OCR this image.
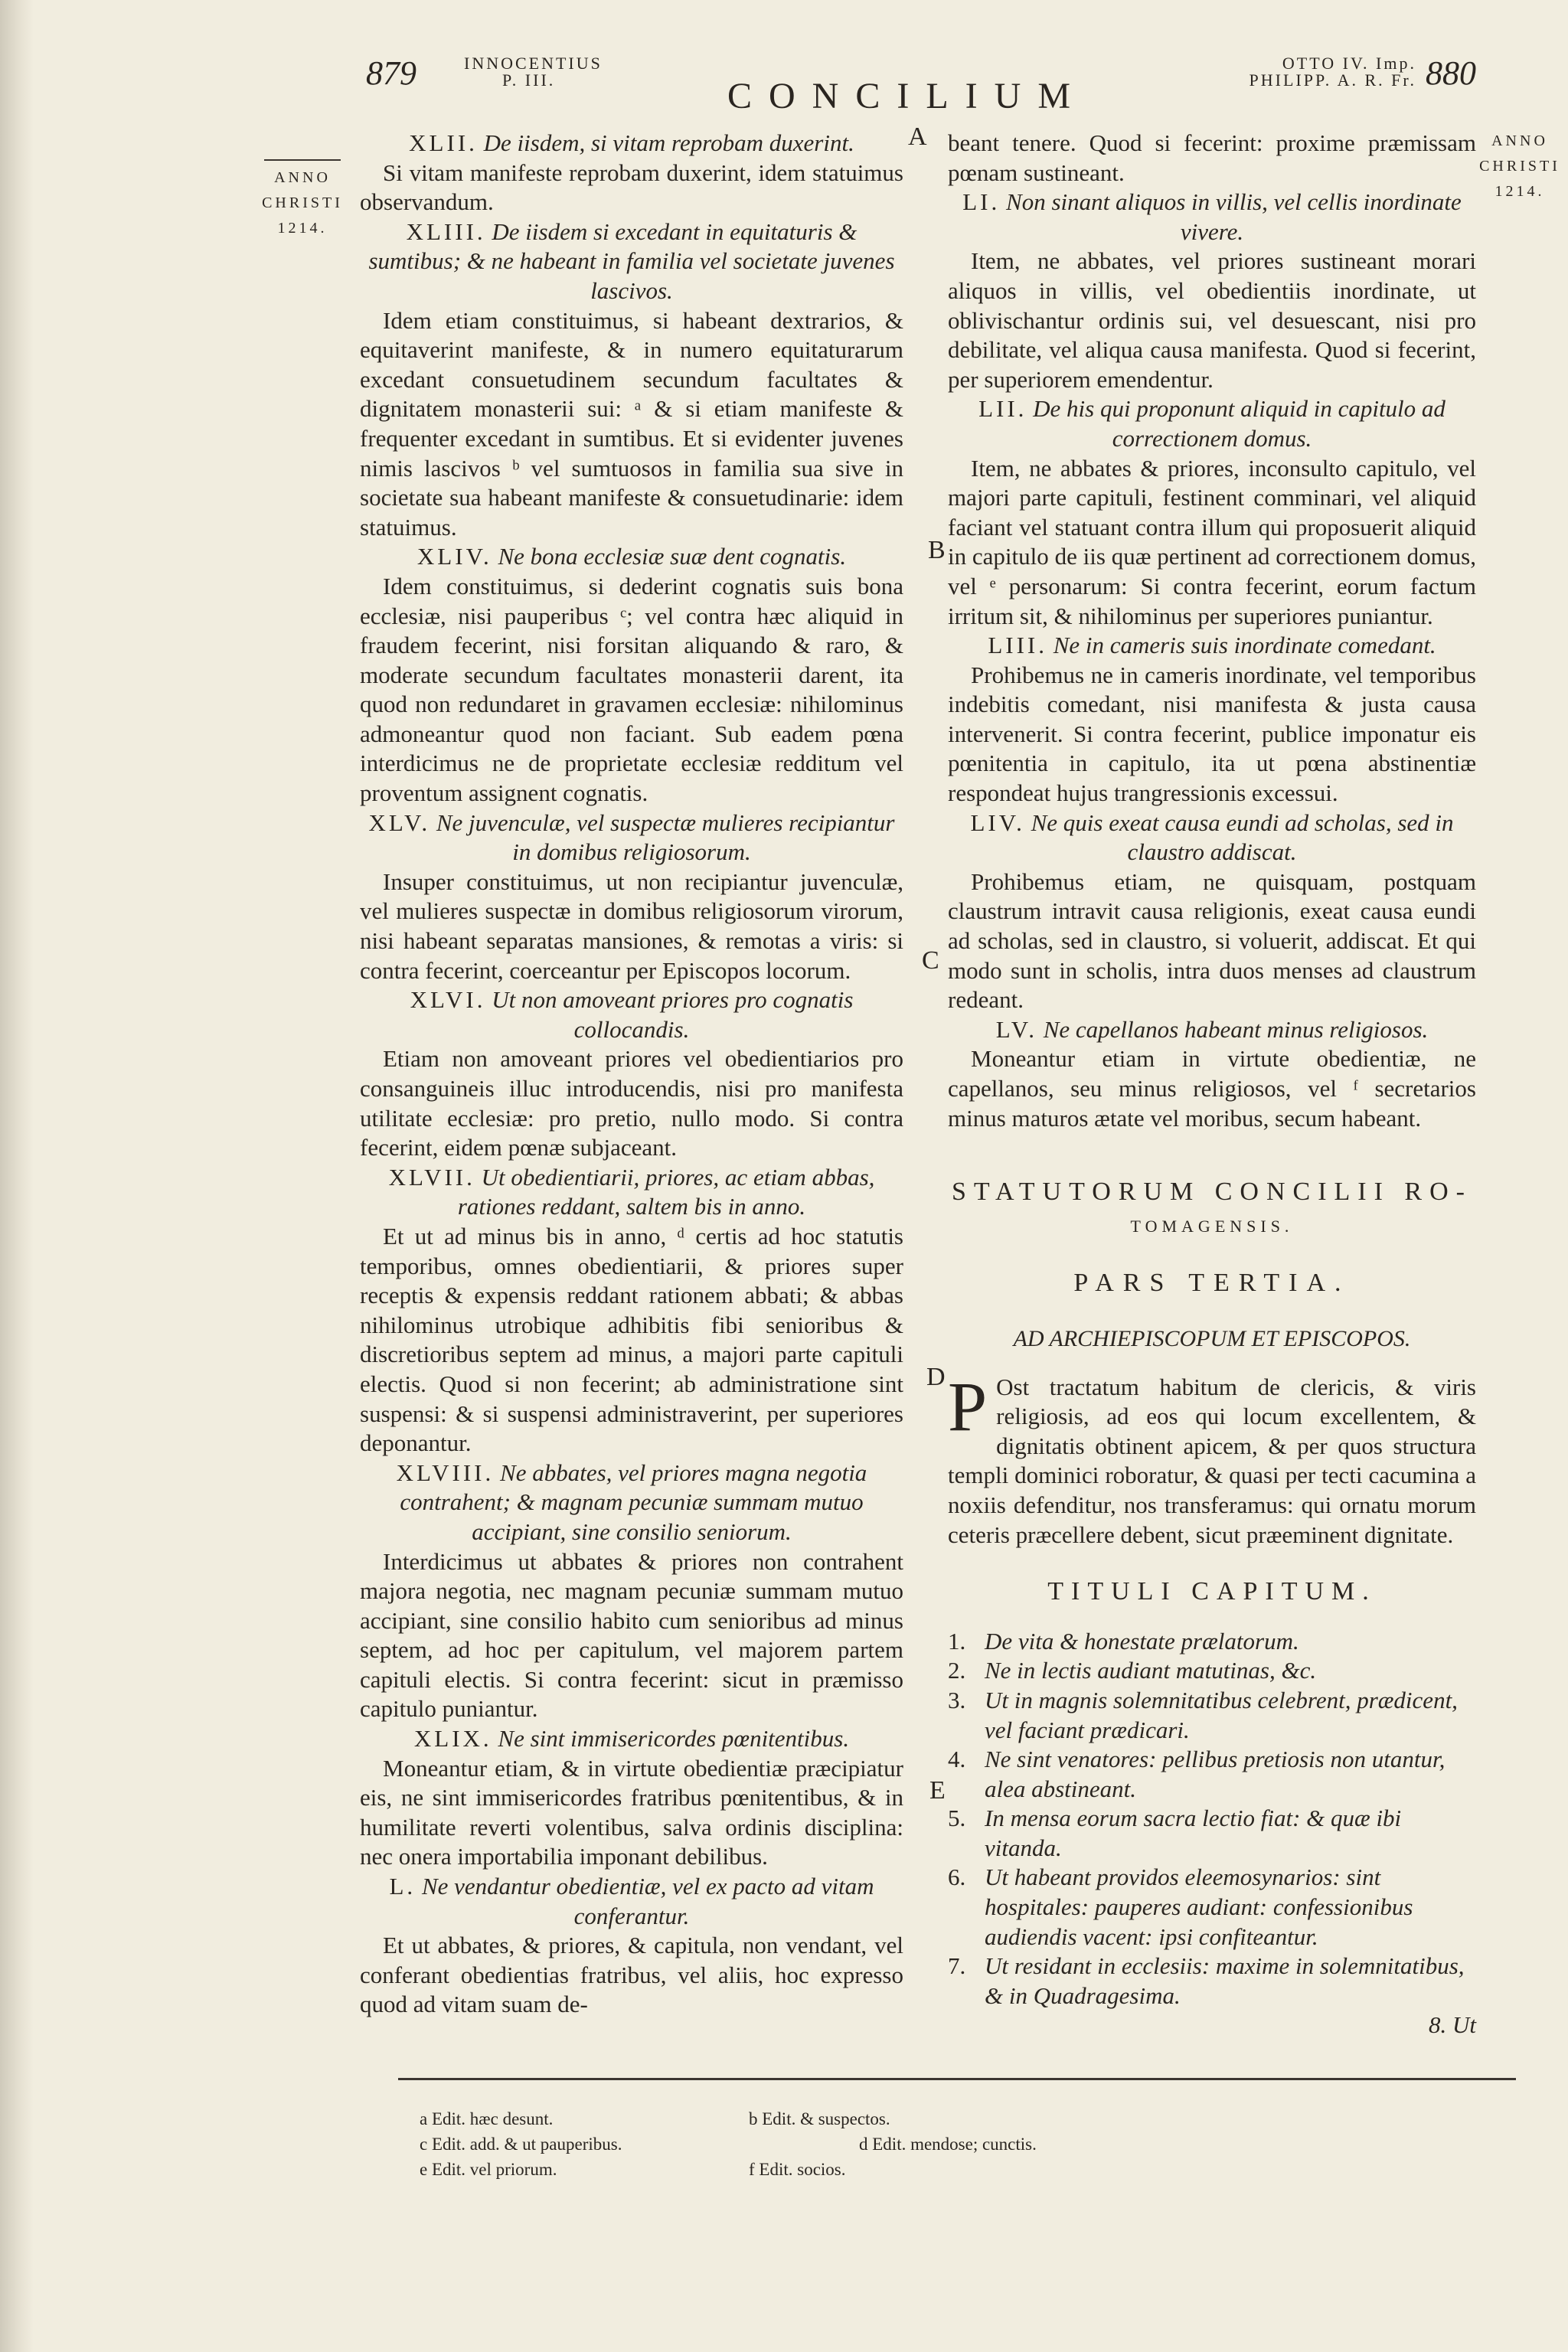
879	INNOCENTIUS
P. III.	CONCILIUM
OTTO IV. Imp.
PHILIPP. A. R. Fr. 880
ANNO
CHRISTI
1214.
ANNO
CHRISTI
1214.
A
B
C
D
E
XLII. De iisdem, si vitam reprobam duxerint.

Si vitam manifeste reprobam duxerint, idem statuimus observandum.

XLIII. De iisdem si excedant in equitaturis & sumtibus; & ne habeant in familia vel societate juvenes lascivos.

Idem etiam constituimus, si habeant dextrarios, & equitaverint manifeste, & in numero equitaturarum excedant consuetudinem secundum facultates & dignitatem monasterii sui: ᵃ & si etiam manifeste & frequenter excedant in sumtibus. Et si evidenter juvenes nimis lascivos ᵇ vel sumtuosos in familia sua sive in societate sua habeant manifeste & consuetudinarie: idem statuimus.

XLIV. Ne bona ecclesiæ suæ dent cognatis.

Idem constituimus, si dederint cognatis suis bona ecclesiæ, nisi pauperibus ᶜ; vel contra hæc aliquid in fraudem fecerint, nisi forsitan aliquando & raro, & moderate secundum facultates monasterii darent, ita quod non redundaret in gravamen ecclesiæ: nihilominus admoneantur quod non faciant. Sub eadem pœna interdicimus ne de proprietate ecclesiæ redditum vel proventum assignent cognatis.

XLV. Ne juvenculæ, vel suspectæ mulieres recipiantur in domibus religiosorum.

Insuper constituimus, ut non recipiantur juvenculæ, vel mulieres suspectæ in domibus religiosorum virorum, nisi habeant separatas mansiones, & remotas a viris: si contra fecerint, coerceantur per Episcopos locorum.

XLVI. Ut non amoveant priores pro cognatis collocandis.

Etiam non amoveant priores vel obedientiarios pro consanguineis illuc introducendis, nisi pro manifesta utilitate ecclesiæ: pro pretio, nullo modo. Si contra fecerint, eidem pœnæ subjaceant.

XLVII. Ut obedientiarii, priores, ac etiam abbas, rationes reddant, saltem bis in anno.

Et ut ad minus bis in anno, ᵈ certis ad hoc statutis temporibus, omnes obedientiarii, & priores super receptis & expensis reddant rationem abbati; & abbas nihilominus utrobique adhibitis fibi senioribus & discretioribus septem ad minus, a majori parte capituli electis. Quod si non fecerint; ab administratione sint suspensi: & si suspensi administraverint, per superiores deponantur.

XLVIII. Ne abbates, vel priores magna negotia contrahent; & magnam pecuniæ summam mutuo accipiant, sine consilio seniorum.

Interdicimus ut abbates & priores non contrahent majora negotia, nec magnam pecuniæ summam mutuo accipiant, sine consilio habito cum senioribus ad minus septem, ad hoc per capitulum, vel majorem partem capituli electis. Si contra fecerint: sicut in præmisso capitulo puniantur.

XLIX. Ne sint immisericordes pœnitentibus.

Moneantur etiam, & in virtute obedientiæ præcipiatur eis, ne sint immisericordes fratribus pœnitentibus, & in humilitate reverti volentibus, salva ordinis disciplina: nec onera importabilia imponant debilibus.

L. Ne vendantur obedientiæ, vel ex pacto ad vitam conferantur.

Et ut abbates, & priores, & capitula, non vendant, vel conferant obedientias fratribus, vel aliis, hoc expresso quod ad vitam suam de-

beant tenere. Quod si fecerint: proxime præmissam pœnam sustineant.

LI. Non sinant aliquos in villis, vel cellis inordinate vivere.

Item, ne abbates, vel priores sustineant morari aliquos in villis, vel obedientiis inordinate, ut oblivischantur ordinis sui, vel desuescant, nisi pro debilitate, vel aliqua causa manifesta. Quod si fecerint, per superiorem emendentur.

LII. De his qui proponunt aliquid in capitulo ad correctionem domus.

Item, ne abbates & priores, inconsulto capitulo, vel majori parte capituli, festinent comminari, vel aliquid faciant vel statuant contra illum qui proposuerit aliquid in capitulo de iis quæ pertinent ad correctionem domus, vel ᵉ personarum: Si contra fecerint, eorum factum irritum sit, & nihilominus per superiores puniantur.

LIII. Ne in cameris suis inordinate comedant.

Prohibemus ne in cameris inordinate, vel temporibus indebitis comedant, nisi manifesta & justa causa intervenerit. Si contra fecerint, publice imponatur eis pœnitentia in capitulo, ita ut pœna abstinentiæ respondeat hujus trangressionis excessui.

LIV. Ne quis exeat causa eundi ad scholas, sed in claustro addiscat.

Prohibemus etiam, ne quisquam, postquam claustrum intravit causa religionis, exeat causa eundi ad scholas, sed in claustro, si voluerit, addiscat. Et qui modo sunt in scholis, intra duos menses ad claustrum redeant.

LV. Ne capellanos habeant minus religiosos.

Moneantur etiam in virtute obedientiæ, ne capellanos, seu minus religiosos, vel ᶠ secretarios minus maturos ætate vel moribus, secum habeant.

STATUTORUM CONCILII RO-
TOMAGENSIS.
PARS TERTIA.
AD ARCHIEPISCOPUM ET EPISCOPOS.

P Ost tractatum habitum de clericis, & viris religiosis, ad eos qui locum excellentem, & dignitatis obtinent apicem, & per quos structura templi dominici roboratur, & quasi per tecti cacumina a noxiis defenditur, nos transferamus: qui ornatu morum ceteris præcellere debent, sicut præeminent dignitate.

TITULI CAPITUM.
1. De vita & honestate prælatorum.
2. Ne in lectis audiant matutinas, &c.
3. Ut in magnis solemnitatibus celebrent, prædicent, vel faciant prædicari.
4. Ne sint venatores: pellibus pretiosis non utantur, alea abstineant.
5. In mensa eorum sacra lectio fiat: & quæ ibi vitanda.
6. Ut habeant providos eleemosynarios: sint hospitales: pauperes audiant: confessionibus audiendis vacent: ipsi confiteantur.
7. Ut residant in ecclesiis: maxime in solemnitatibus, & in Quadragesima.
8. Ut
a Edit. hæc desunt.	b Edit. & suspectos.
c Edit. add. & ut pauperibus.	d Edit. mendose; cunctis.
e Edit. vel priorum.	f Edit. socios.
